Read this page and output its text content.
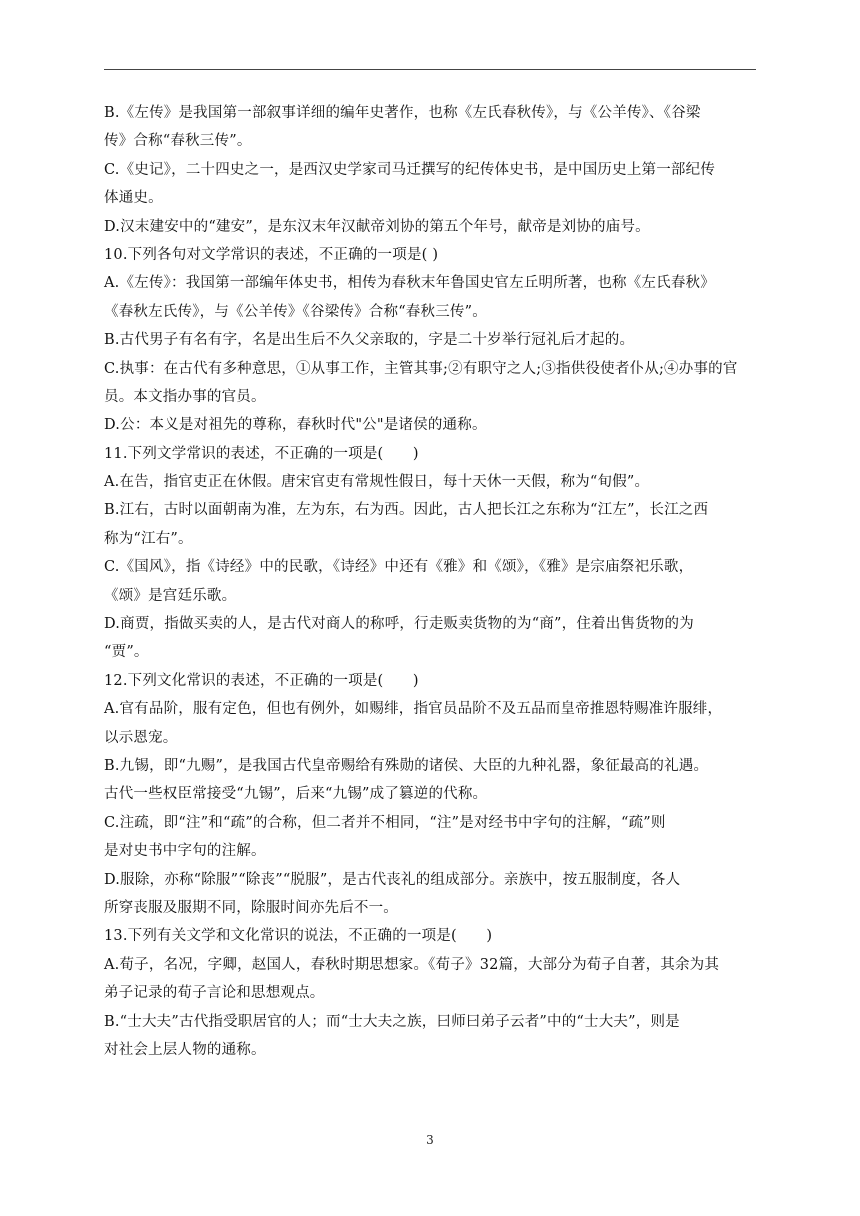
B.《左传》是我国第一部叙事详细的编年史著作，也称《左氏春秋传》，与《公羊传》、《谷梁
传》合称“春秋三传”。
C.《史记》，二十四史之一，是西汉史学家司马迁撰写的纪传体史书，是中国历史上第一部纪传
体通史。
D.汉末建安中的“建安”，是东汉末年汉献帝刘协的第五个年号，献帝是刘协的庙号。
10.下列各句对文学常识的表述，不正确的一项是( )
A.《左传》：我国第一部编年体史书，相传为春秋末年鲁国史官左丘明所著，也称《左氏春秋》
《春秋左氏传》，与《公羊传》《谷梁传》合称“春秋三传”。
B.古代男子有名有字，名是出生后不久父亲取的，字是二十岁举行冠礼后才起的。
C.执事：在古代有多种意思，①从事工作，主管其事;②有职守之人;③指供役使者仆从;④办事的官
员。本文指办事的官员。
D.公：本义是对祖先的尊称，春秋时代"公"是诸侯的通称。
11.下列文学常识的表述，不正确的一项是(　　)
A.在告，指官吏正在休假。唐宋官吏有常规性假日，每十天休一天假，称为“旬假”。
B.江右，古时以面朝南为准，左为东，右为西。因此，古人把长江之东称为“江左”，长江之西
称为“江右”。
C.《国风》，指《诗经》中的民歌，《诗经》中还有《雅》和《颂》，《雅》是宗庙祭祀乐歌，
《颂》是宫廷乐歌。
D.商贾，指做买卖的人，是古代对商人的称呼，行走贩卖货物的为“商”，住着出售货物的为
“贾”。
12.下列文化常识的表述，不正确的一项是(　　)
A.官有品阶，服有定色，但也有例外，如赐绯，指官员品阶不及五品而皇帝推恩特赐准许服绯，
以示恩宠。
B.九锡，即“九赐”，是我国古代皇帝赐给有殊勋的诸侯、大臣的九种礼器，象征最高的礼遇。
古代一些权臣常接受“九锡”，后来“九锡”成了篡逆的代称。
C.注疏，即“注”和“疏”的合称，但二者并不相同，“注”是对经书中字句的注解，“疏”则
是对史书中字句的注解。
D.服除，亦称“除服”“除丧”“脱服”，是古代丧礼的组成部分。亲族中，按五服制度，各人
所穿丧服及服期不同，除服时间亦先后不一。
13.下列有关文学和文化常识的说法，不正确的一项是(　　)
A.荀子，名况，字卿，赵国人，春秋时期思想家。《荀子》32篇，大部分为荀子自著，其余为其
弟子记录的荀子言论和思想观点。
B.“士大夫”古代指受职居官的人；而“士大夫之族，曰师曰弟子云者”中的“士大夫”，则是
对社会上层人物的通称。
3
